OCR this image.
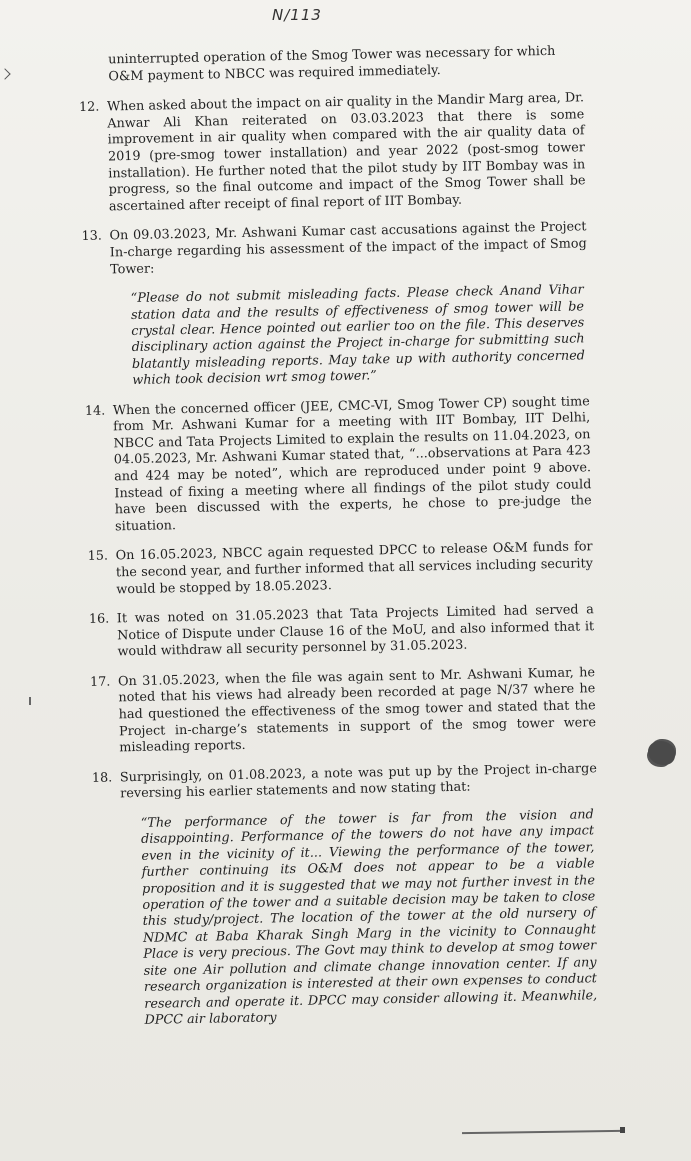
N/113

uninterrupted operation of the Smog Tower was necessary for which O&M payment to NBCC was required immediately.

12. When asked about the impact on air quality in the Mandir Marg area, Dr. Anwar Ali Khan reiterated on 03.03.2023 that there is some improvement in air quality when compared with the air quality data of 2019 (pre-smog tower installation) and year 2022 (post-smog tower installation). He further noted that the pilot study by IIT Bombay was in progress, so the final outcome and impact of the Smog Tower shall be ascertained after receipt of final report of IIT Bombay.

13. On 09.03.2023, Mr. Ashwani Kumar cast accusations against the Project In-charge regarding his assessment of the impact of the impact of Smog Tower:

“Please do not submit misleading facts. Please check Anand Vihar station data and the results of effectiveness of smog tower will be crystal clear. Hence pointed out earlier too on the file. This deserves disciplinary action against the Project in-charge for submitting such blatantly misleading reports. May take up with authority concerned which took decision wrt smog tower.”

14. When the concerned officer (JEE, CMC-VI, Smog Tower CP) sought time from Mr. Ashwani Kumar for a meeting with IIT Bombay, IIT Delhi, NBCC and Tata Projects Limited to explain the results on 11.04.2023, on 04.05.2023, Mr. Ashwani Kumar stated that, “...observations at Para 423 and 424 may be noted”, which are reproduced under point 9 above. Instead of fixing a meeting where all findings of the pilot study could have been discussed with the experts, he chose to pre-judge the situation.

15. On 16.05.2023, NBCC again requested DPCC to release O&M funds for the second year, and further informed that all services including security would be stopped by 18.05.2023.

16. It was noted on 31.05.2023 that Tata Projects Limited had served a Notice of Dispute under Clause 16 of the MoU, and also informed that it would withdraw all security personnel by 31.05.2023.

17. On 31.05.2023, when the file was again sent to Mr. Ashwani Kumar, he noted that his views had already been recorded at page N/37 where he had questioned the effectiveness of the smog tower and stated that the Project in-charge’s statements in support of the smog tower were misleading reports.

18. Surprisingly, on 01.08.2023, a note was put up by the Project in-charge reversing his earlier statements and now stating that:

“The performance of the tower is far from the vision and disappointing. Performance of the towers do not have any impact even in the vicinity of it... Viewing the performance of the tower, further continuing its O&M does not appear to be a viable proposition and it is suggested that we may not further invest in the operation of the tower and a suitable decision may be taken to close this study/project. The location of the tower at the old nursery of NDMC at Baba Kharak Singh Marg in the vicinity to Connaught Place is very precious. The Govt may think to develop at smog tower site one Air pollution and climate change innovation center. If any research organization is interested at their own expenses to conduct research and operate it. DPCC may consider allowing it. Meanwhile, DPCC air laboratory
